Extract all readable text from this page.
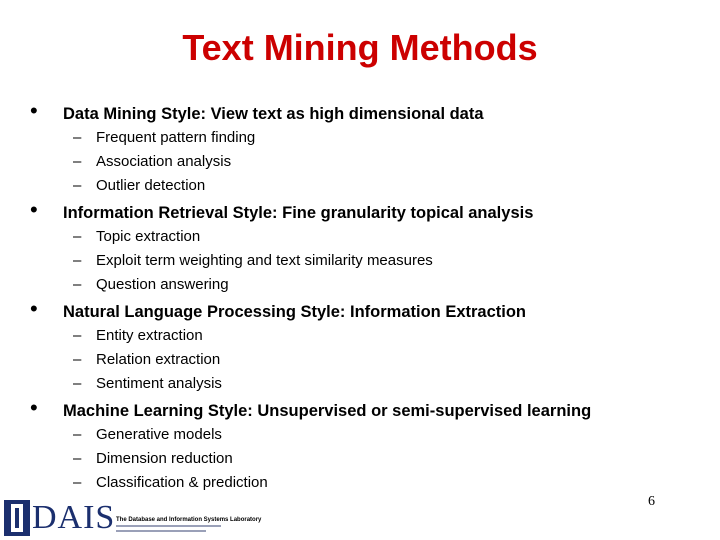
Text Mining Methods
• Data Mining Style: View text as high dimensional data
– Frequent pattern finding
– Association analysis
– Outlier detection
• Information Retrieval Style: Fine granularity topical analysis
– Topic extraction
– Exploit term weighting and text similarity measures
– Question answering
• Natural Language Processing Style: Information Extraction
– Entity extraction
– Relation extraction
– Sentiment analysis
• Machine Learning Style: Unsupervised or semi-supervised learning
– Generative models
– Dimension reduction
– Classification & prediction
6
DAIS The Database and Information Systems Laboratory
